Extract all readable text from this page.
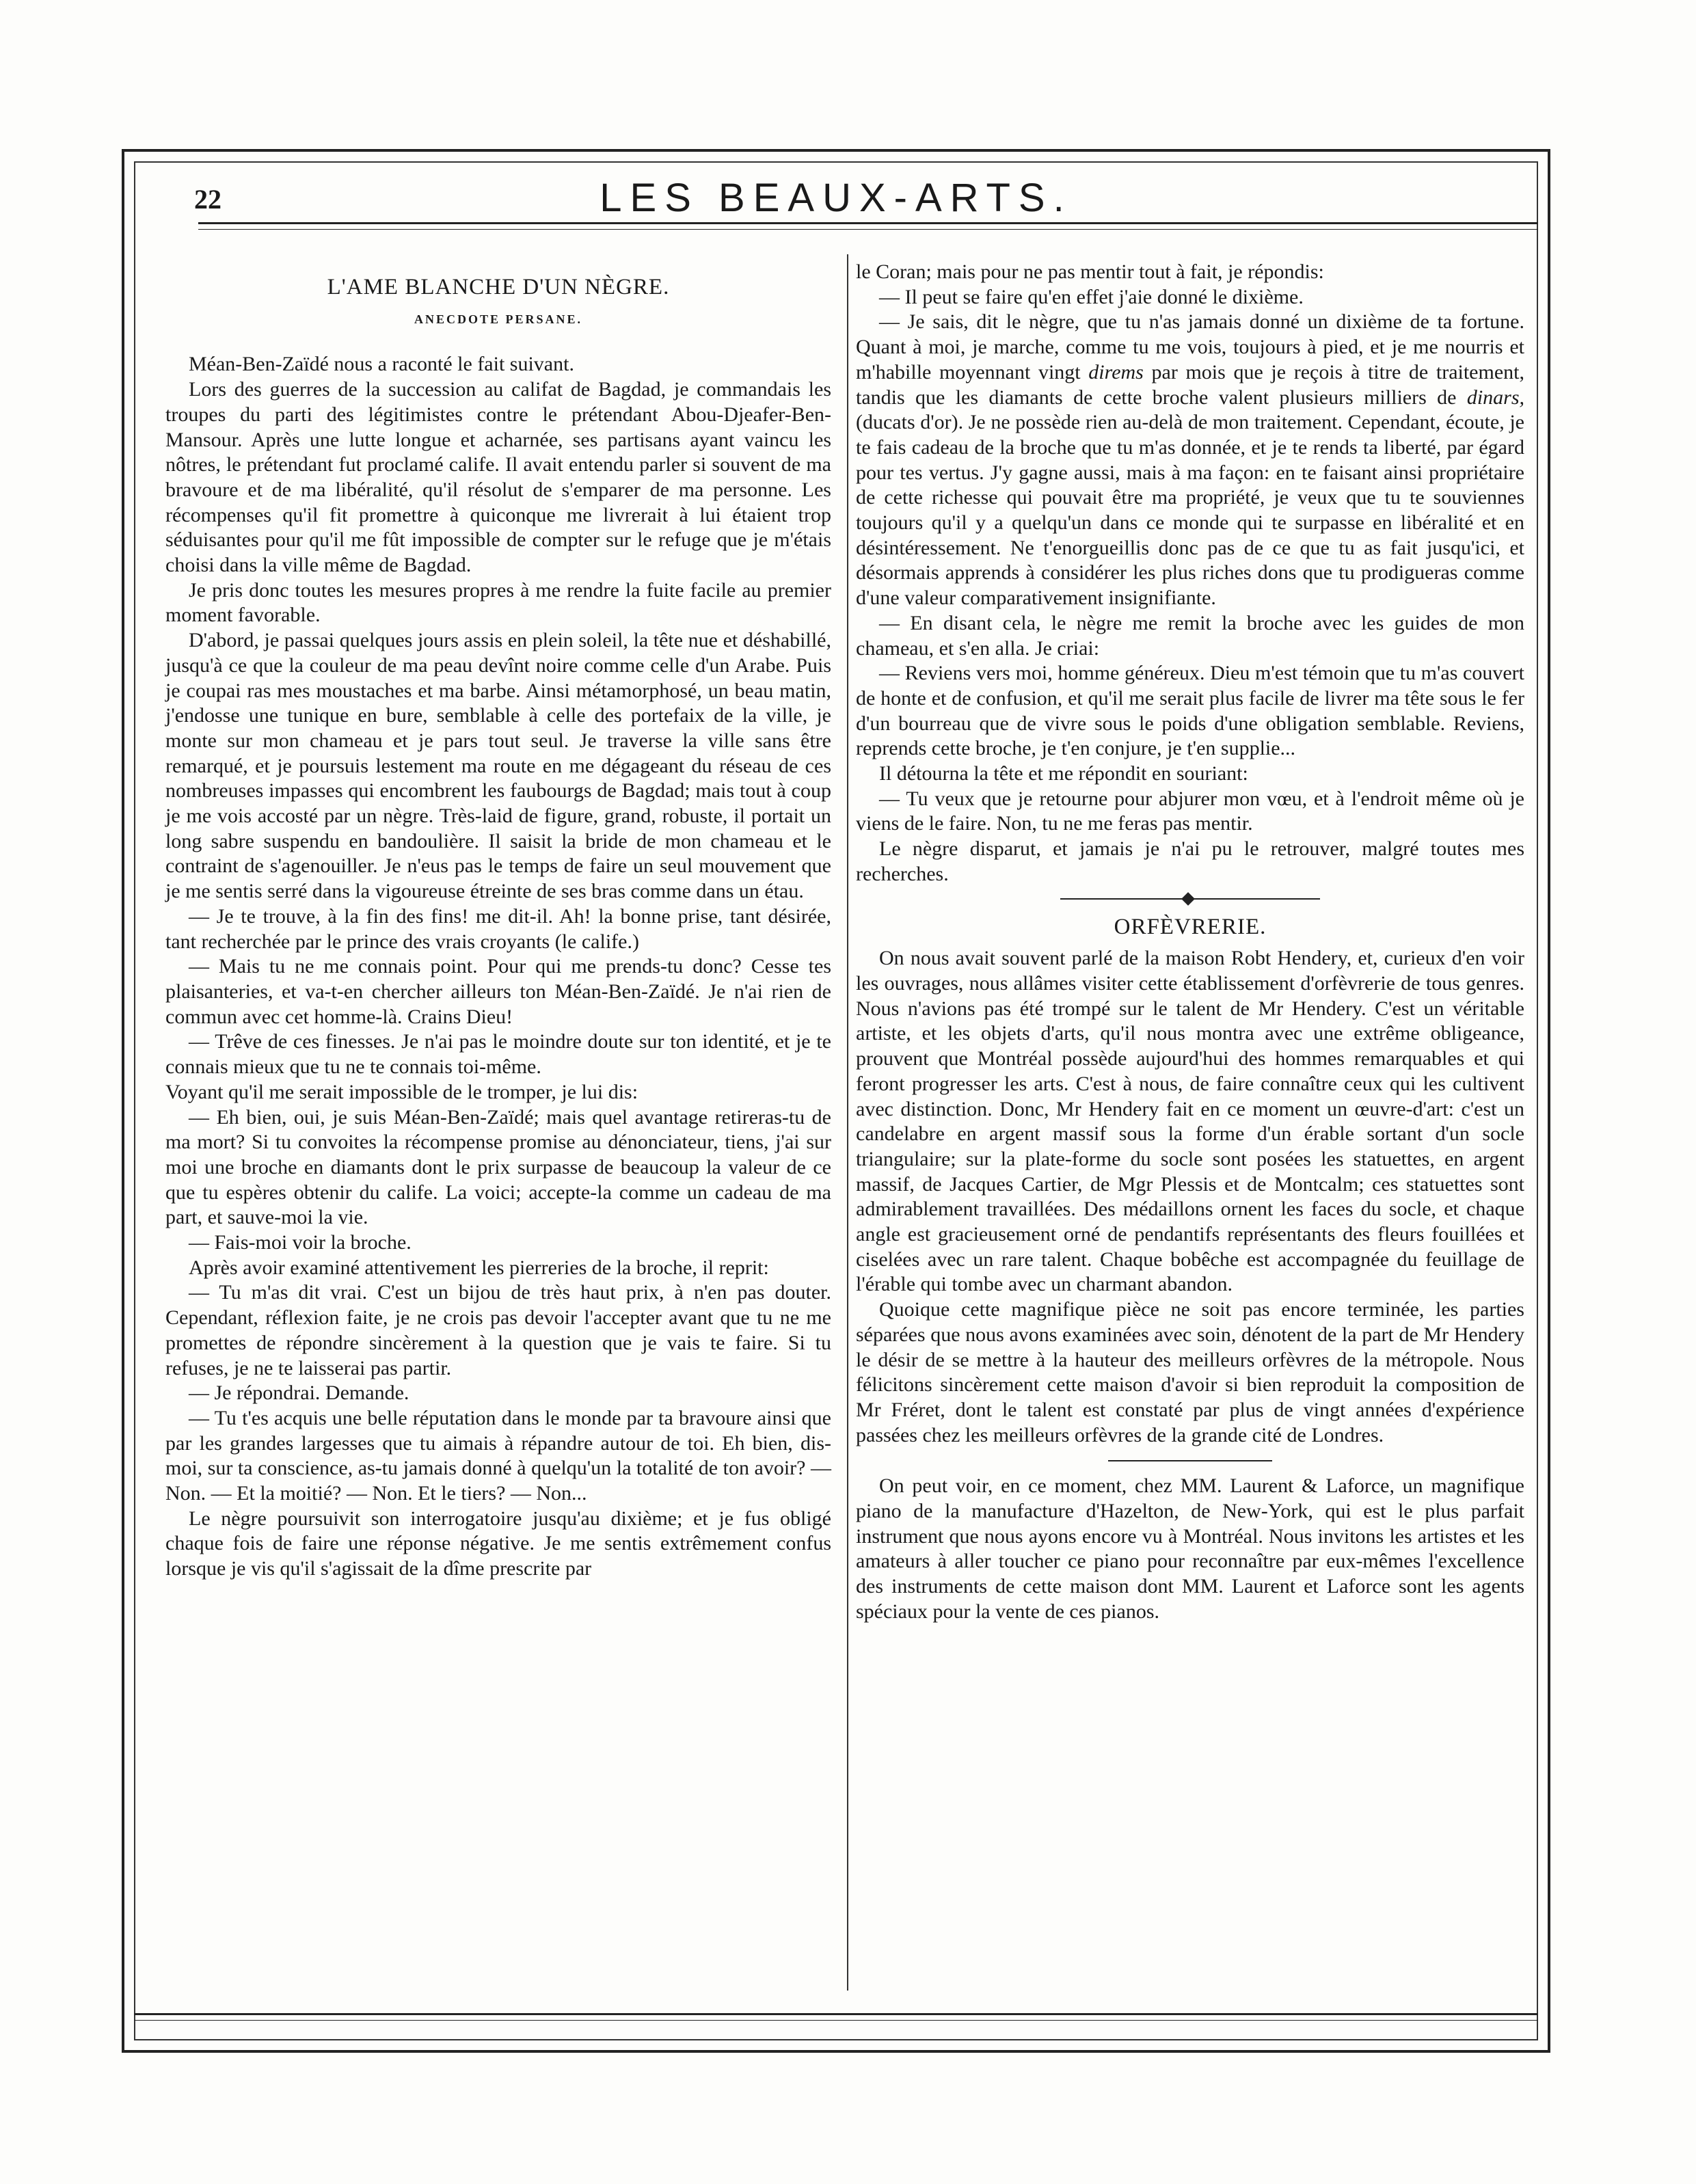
22	LES BEAUX-ARTS.
L'AME BLANCHE D'UN NÈGRE.
ANECDOTE PERSANE.

Méan-Ben-Zaïdé nous a raconté le fait suivant.

Lors des guerres de la succession au califat de Bagdad, je commandais les troupes du parti des légitimistes contre le prétendant Abou-Djeafer-Ben-Mansour. Après une lutte longue et acharnée, ses partisans ayant vaincu les nôtres, le prétendant fut proclamé calife. Il avait entendu parler si souvent de ma bravoure et de ma libéralité, qu'il résolut de s'emparer de ma personne. Les récompenses qu'il fit promettre à quiconque me livrerait à lui étaient trop séduisantes pour qu'il me fût impossible de compter sur le refuge que je m'étais choisi dans la ville même de Bagdad.

Je pris donc toutes les mesures propres à me rendre la fuite facile au premier moment favorable.

D'abord, je passai quelques jours assis en plein soleil, la tête nue et déshabillé, jusqu'à ce que la couleur de ma peau devînt noire comme celle d'un Arabe. Puis je coupai ras mes moustaches et ma barbe. Ainsi métamorphosé, un beau matin, j'endosse une tunique en bure, semblable à celle des portefaix de la ville, je monte sur mon chameau et je pars tout seul. Je traverse la ville sans être remarqué, et je poursuis lestement ma route en me dégageant du réseau de ces nombreuses impasses qui encombrent les faubourgs de Bagdad; mais tout à coup je me vois accosté par un nègre. Très-laid de figure, grand, robuste, il portait un long sabre suspendu en bandoulière. Il saisit la bride de mon chameau et le contraint de s'agenouiller. Je n'eus pas le temps de faire un seul mouvement que je me sentis serré dans la vigoureuse étreinte de ses bras comme dans un étau.

— Je te trouve, à la fin des fins! me dit-il. Ah! la bonne prise, tant désirée, tant recherchée par le prince des vrais croyants (le calife.)

— Mais tu ne me connais point. Pour qui me prends-tu donc? Cesse tes plaisanteries, et va-t-en chercher ailleurs ton Méan-Ben-Zaïdé. Je n'ai rien de commun avec cet homme-là. Crains Dieu!

— Trêve de ces finesses. Je n'ai pas le moindre doute sur ton identité, et je te connais mieux que tu ne te connais toi-même.

Voyant qu'il me serait impossible de le tromper, je lui dis:

— Eh bien, oui, je suis Méan-Ben-Zaïdé; mais quel avantage retireras-tu de ma mort? Si tu convoites la récompense promise au dénonciateur, tiens, j'ai sur moi une broche en diamants dont le prix surpasse de beaucoup la valeur de ce que tu espères obtenir du calife. La voici; accepte-la comme un cadeau de ma part, et sauve-moi la vie.

— Fais-moi voir la broche.

Après avoir examiné attentivement les pierreries de la broche, il reprit:

— Tu m'as dit vrai. C'est un bijou de très haut prix, à n'en pas douter. Cependant, réflexion faite, je ne crois pas devoir l'accepter avant que tu ne me promettes de répondre sincèrement à la question que je vais te faire. Si tu refuses, je ne te laisserai pas partir.

— Je répondrai. Demande.

— Tu t'es acquis une belle réputation dans le monde par ta bravoure ainsi que par les grandes largesses que tu aimais à répandre autour de toi. Eh bien, dis-moi, sur ta conscience, as-tu jamais donné à quelqu'un la totalité de ton avoir? — Non. — Et la moitié? — Non. Et le tiers? — Non...

Le nègre poursuivit son interrogatoire jusqu'au dixième; et je fus obligé chaque fois de faire une réponse négative. Je me sentis extrêmement confus lorsque je vis qu'il s'agissait de la dîme prescrite par

le Coran; mais pour ne pas mentir tout à fait, je répondis:

— Il peut se faire qu'en effet j'aie donné le dixième.

— Je sais, dit le nègre, que tu n'as jamais donné un dixième de ta fortune. Quant à moi, je marche, comme tu me vois, toujours à pied, et je me nourris et m'habille moyennant vingt direms par mois que je reçois à titre de traitement, tandis que les diamants de cette broche valent plusieurs milliers de dinars, (ducats d'or). Je ne possède rien au-delà de mon traitement. Cependant, écoute, je te fais cadeau de la broche que tu m'as donnée, et je te rends ta liberté, par égard pour tes vertus. J'y gagne aussi, mais à ma façon: en te faisant ainsi propriétaire de cette richesse qui pouvait être ma propriété, je veux que tu te souviennes toujours qu'il y a quelqu'un dans ce monde qui te surpasse en libéralité et en désintéressement. Ne t'enorgueillis donc pas de ce que tu as fait jusqu'ici, et désormais apprends à considérer les plus riches dons que tu prodigueras comme d'une valeur comparativement insignifiante.

— En disant cela, le nègre me remit la broche avec les guides de mon chameau, et s'en alla. Je criai:

— Reviens vers moi, homme généreux. Dieu m'est témoin que tu m'as couvert de honte et de confusion, et qu'il me serait plus facile de livrer ma tête sous le fer d'un bourreau que de vivre sous le poids d'une obligation semblable. Reviens, reprends cette broche, je t'en conjure, je t'en supplie...

Il détourna la tête et me répondit en souriant:

— Tu veux que je retourne pour abjurer mon vœu, et à l'endroit même où je viens de le faire. Non, tu ne me feras pas mentir.

Le nègre disparut, et jamais je n'ai pu le retrouver, malgré toutes mes recherches.

ORFÈVRERIE.

On nous avait souvent parlé de la maison Robt Hendery, et, curieux d'en voir les ouvrages, nous allâmes visiter cette établissement d'orfèvrerie de tous genres. Nous n'avions pas été trompé sur le talent de Mr Hendery. C'est un véritable artiste, et les objets d'arts, qu'il nous montra avec une extrême obligeance, prouvent que Montréal possède aujourd'hui des hommes remarquables et qui feront progresser les arts. C'est à nous, de faire connaître ceux qui les cultivent avec distinction. Donc, Mr Hendery fait en ce moment un œuvre-d'art: c'est un candelabre en argent massif sous la forme d'un érable sortant d'un socle triangulaire; sur la plate-forme du socle sont posées les statuettes, en argent massif, de Jacques Cartier, de Mgr Plessis et de Montcalm; ces statuettes sont admirablement travaillées. Des médaillons ornent les faces du socle, et chaque angle est gracieusement orné de pendantifs représentants des fleurs fouillées et ciselées avec un rare talent. Chaque bobêche est accompagnée du feuillage de l'érable qui tombe avec un charmant abandon.

Quoique cette magnifique pièce ne soit pas encore terminée, les parties séparées que nous avons examinées avec soin, dénotent de la part de Mr Hendery le désir de se mettre à la hauteur des meilleurs orfèvres de la métropole. Nous félicitons sincèrement cette maison d'avoir si bien reproduit la composition de Mr Fréret, dont le talent est constaté par plus de vingt années d'expérience passées chez les meilleurs orfèvres de la grande cité de Londres.

On peut voir, en ce moment, chez MM. Laurent & Laforce, un magnifique piano de la manufacture d'Hazelton, de New-York, qui est le plus parfait instrument que nous ayons encore vu à Montréal. Nous invitons les artistes et les amateurs à aller toucher ce piano pour reconnaître par eux-mêmes l'excellence des instruments de cette maison dont MM. Laurent et Laforce sont les agents spéciaux pour la vente de ces pianos.
